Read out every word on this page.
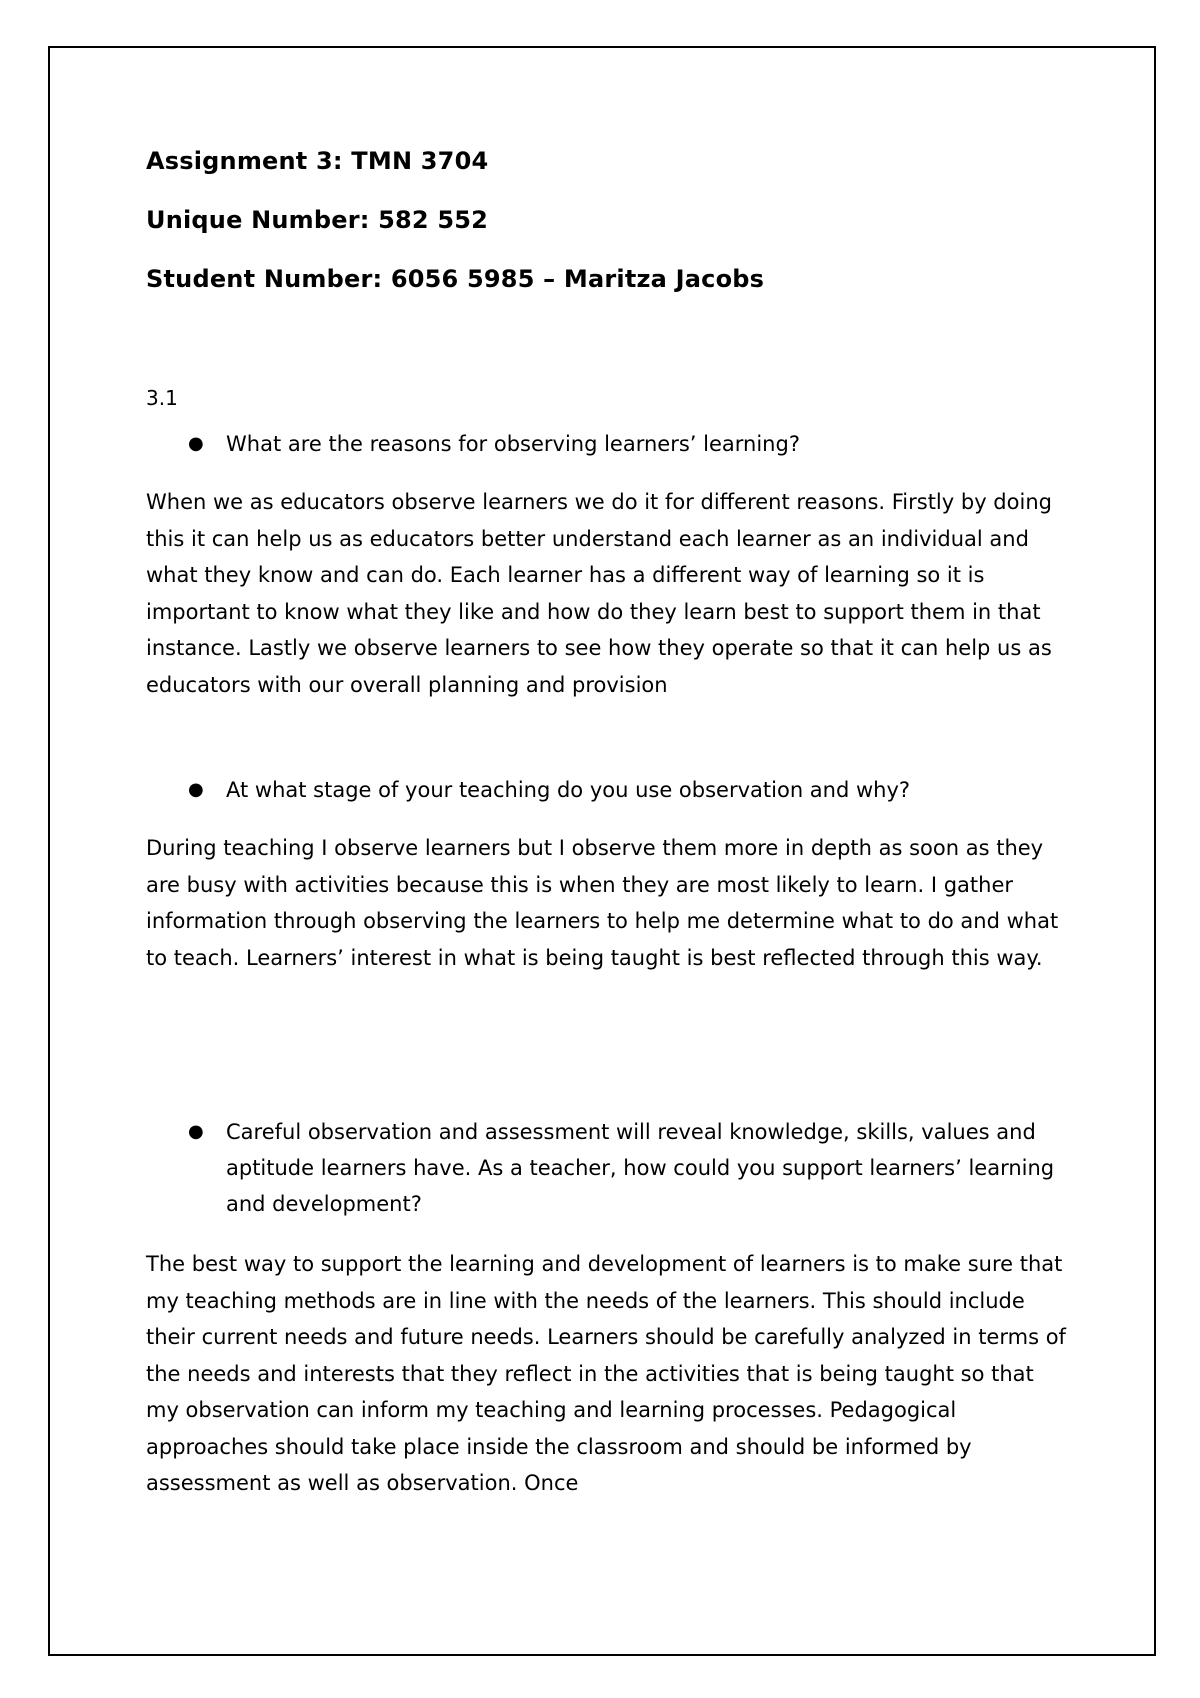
Assignment 3: TMN 3704
Unique Number: 582 552
Student Number: 6056 5985 – Maritza Jacobs
3.1
● What are the reasons for observing learners’ learning?

When we as educators observe learners we do it for different reasons. Firstly by doing this it can help us as educators better understand each learner as an individual and what they know and can do. Each learner has a different way of learning so it is important to know what they like and how do they learn best to support them in that instance. Lastly we observe learners to see how they operate so that it can help us as educators with our overall planning and provision

● At what stage of your teaching do you use observation and why?

During teaching I observe learners but I observe them more in depth as soon as they are busy with activities because this is when they are most likely to learn. I gather information through observing the learners to help me determine what to do and what to teach. Learners’ interest in what is being taught is best reflected through this way.

● Careful observation and assessment will reveal knowledge, skills, values and aptitude learners have. As a teacher, how could you support learners’ learning and development?

The best way to support the learning and development of learners is to make sure that my teaching methods are in line with the needs of the learners. This should include their current needs and future needs. Learners should be carefully analyzed in terms of the needs and interests that they reflect in the activities that is being taught so that my observation can inform my teaching and learning processes. Pedagogical approaches should take place inside the classroom and should be informed by assessment as well as observation. Once
